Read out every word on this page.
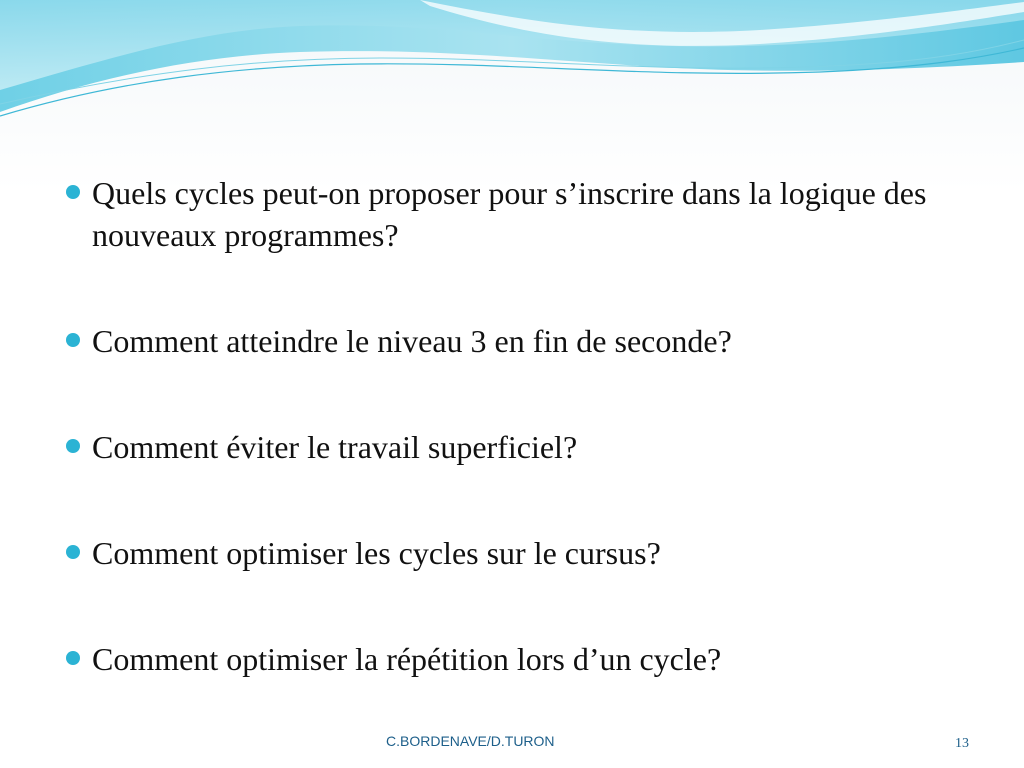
Quels cycles peut-on proposer pour s’inscrire dans la logique des nouveaux programmes?
Comment atteindre le niveau 3 en fin de seconde?
Comment éviter le travail superficiel?
Comment optimiser les cycles sur le cursus?
Comment optimiser la répétition lors d’un cycle?
C.BORDENAVE/D.TURON	13
